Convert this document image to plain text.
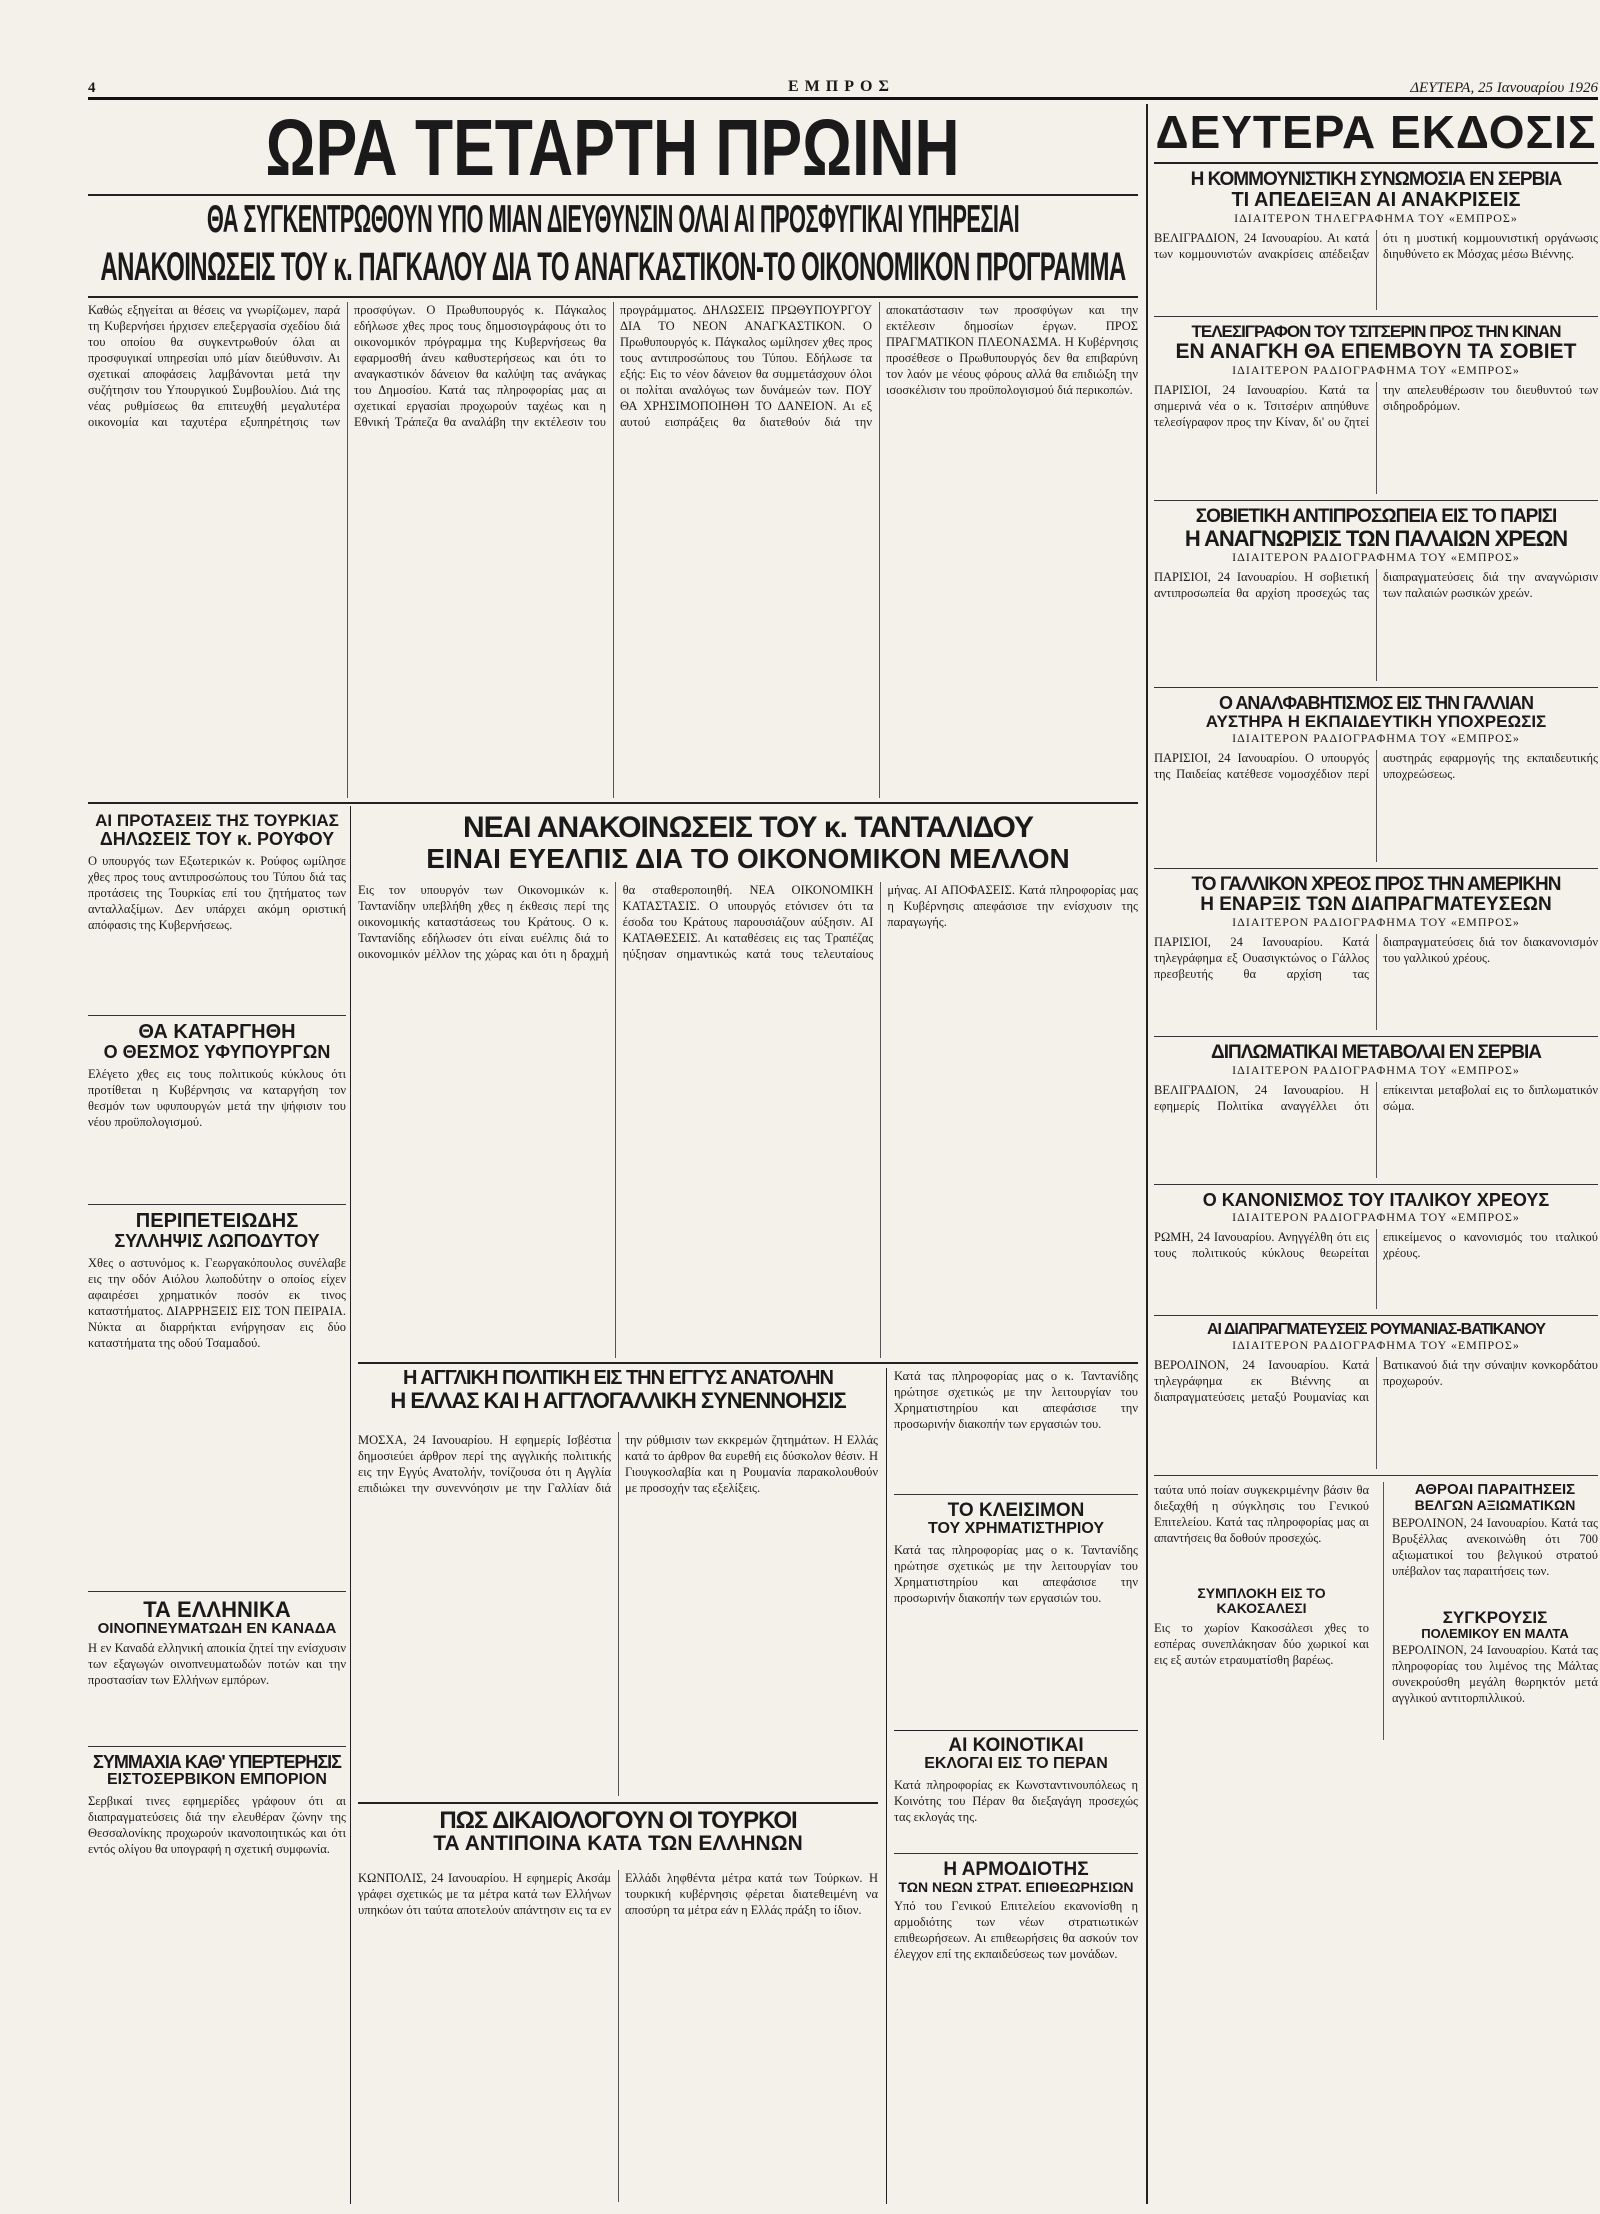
4	ΕΜΠΡΟΣ	ΔΕΥΤΕΡΑ, 25 Ιανουαρίου 1926
ΩΡΑ ΤΕΤΑΡΤΗ ΠΡΩΙΝΗ
ΘΑ ΣΥΓΚΕΝΤΡΩΘΟΥΝ ΥΠΟ ΜΙΑΝ ΔΙΕΥΘΥΝΣΙΝ ΟΛΑΙ ΑΙ ΠΡΟΣΦΥΓΙΚΑΙ ΥΠΗΡΕΣΙΑΙ
ΑΝΑΚΟΙΝΩΣΕΙΣ ΤΟΥ κ. ΠΑΓΚΑΛΟΥ ΔΙΑ ΤΟ ΑΝΑΓΚΑΣΤΙΚΟΝ-ΤΟ ΟΙΚΟΝΟΜΙΚΟΝ ΠΡΟΓΡΑΜΜΑ
Καθώς εξηγείται αι θέσεις να γνωρίζωμεν, παρά τη Κυβερνήσει ήρχισεν επεξεργασία σχεδίου διά του οποίου θα συγκεντρωθούν όλαι αι προσφυγικαί υπηρεσίαι υπό μίαν διεύθυνσιν. Αι σχετικαί αποφάσεις λαμβάνονται μετά την συζήτησιν του Υπουργικού Συμβουλίου. Διά της νέας ρυθμίσεως θα επιτευχθή μεγαλυτέρα οικονομία και ταχυτέρα εξυπηρέτησις των προσφύγων. Ο Πρωθυπουργός κ. Πάγκαλος εδήλωσε χθες προς τους δημοσιογράφους ότι το οικονομικόν πρόγραμμα της Κυβερνήσεως θα εφαρμοσθή άνευ καθυστερήσεως και ότι το αναγκαστικόν δάνειον θα καλύψη τας ανάγκας του Δημοσίου. Κατά τας πληροφορίας μας αι σχετικαί εργασίαι προχωρούν ταχέως και η Εθνική Τράπεζα θα αναλάβη την εκτέλεσιν του προγράμματος. ΔΗΛΩΣΕΙΣ ΠΡΩΘΥΠΟΥΡΓΟΥ ΔΙΑ ΤΟ ΝΕΟΝ ΑΝΑΓΚΑΣΤΙΚΟΝ. Ο Πρωθυπουργός κ. Πάγκαλος ωμίλησεν χθες προς τους αντιπροσώπους του Τύπου. Εδήλωσε τα εξής: Εις το νέον δάνειον θα συμμετάσχουν όλοι οι πολίται αναλόγως των δυνάμεών των. ΠΟΥ ΘΑ ΧΡΗΣΙΜΟΠΟΙΗΘΗ ΤΟ ΔΑΝΕΙΟΝ. Αι εξ αυτού εισπράξεις θα διατεθούν διά την αποκατάστασιν των προσφύγων και την εκτέλεσιν δημοσίων έργων. ΠΡΟΣ ΠΡΑΓΜΑΤΙΚΟΝ ΠΛΕΟΝΑΣΜΑ. Η Κυβέρνησις προσέθεσε ο Πρωθυπουργός δεν θα επιβαρύνη τον λαόν με νέους φόρους αλλά θα επιδιώξη την ισοσκέλισιν του προϋπολογισμού διά περικοπών.
ΑΙ ΠΡΟΤΑΣΕΙΣ ΤΗΣ ΤΟΥΡΚΙΑΣ
ΔΗΛΩΣΕΙΣ ΤΟΥ κ. ΡΟΥΦΟΥ
Ο υπουργός των Εξωτερικών κ. Ρούφος ωμίλησε χθες προς τους αντιπροσώπους του Τύπου διά τας προτάσεις της Τουρκίας επί του ζητήματος των ανταλλαξίμων. Δεν υπάρχει ακόμη οριστική απόφασις της Κυβερνήσεως.
ΘΑ ΚΑΤΑΡΓΗΘΗ
Ο ΘΕΣΜΟΣ ΥΦΥΠΟΥΡΓΩΝ
Ελέγετο χθες εις τους πολιτικούς κύκλους ότι προτίθεται η Κυβέρνησις να καταργήση τον θεσμόν των υφυπουργών μετά την ψήφισιν του νέου προϋπολογισμού.
ΠΕΡΙΠΕΤΕΙΩΔΗΣ
ΣΥΛΛΗΨΙΣ ΛΩΠΟΔΥΤΟΥ
Χθες ο αστυνόμος κ. Γεωργακόπουλος συνέλαβε εις την οδόν Αιόλου λωποδύτην ο οποίος είχεν αφαιρέσει χρηματικόν ποσόν εκ τινος καταστήματος. ΔΙΑΡΡΗΞΕΙΣ ΕΙΣ ΤΟΝ ΠΕΙΡΑΙΑ. Νύκτα αι διαρρήκται ενήργησαν εις δύο καταστήματα της οδού Τσαμαδού.
ΤΑ ΕΛΛΗΝΙΚΑ
ΟΙΝΟΠΝΕΥΜΑΤΩΔΗ ΕΝ ΚΑΝΑΔΑ
Η εν Καναδά ελληνική αποικία ζητεί την ενίσχυσιν των εξαγωγών οινοπνευματωδών ποτών και την προστασίαν των Ελλήνων εμπόρων.
ΣΥΜΜΑΧΙΑ ΚΑΘ' ΥΠΕΡΤΕΡΗΣΙΣ
ΕΙΣΤΟΣΕΡΒΙΚΟΝ ΕΜΠΟΡΙΟΝ
Σερβικαί τινες εφημερίδες γράφουν ότι αι διαπραγματεύσεις διά την ελευθέραν ζώνην της Θεσσαλονίκης προχωρούν ικανοποιητικώς και ότι εντός ολίγου θα υπογραφή η σχετική συμφωνία.
ΝΕΑΙ ΑΝΑΚΟΙΝΩΣΕΙΣ ΤΟΥ κ. ΤΑΝΤΑΛΙΔΟΥ
ΕΙΝΑΙ ΕΥΕΛΠΙΣ ΔΙΑ ΤΟ ΟΙΚΟΝΟΜΙΚΟΝ ΜΕΛΛΟΝ
Εις τον υπουργόν των Οικονομικών κ. Ταντανίδην υπεβλήθη χθες η έκθεσις περί της οικονομικής καταστάσεως του Κράτους. Ο κ. Ταντανίδης εδήλωσεν ότι είναι ευέλπις διά το οικονομικόν μέλλον της χώρας και ότι η δραχμή θα σταθεροποιηθή. ΝΕΑ ΟΙΚΟΝΟΜΙΚΗ ΚΑΤΑΣΤΑΣΙΣ. Ο υπουργός ετόνισεν ότι τα έσοδα του Κράτους παρουσιάζουν αύξησιν. ΑΙ ΚΑΤΑΘΕΣΕΙΣ. Αι καταθέσεις εις τας Τραπέζας ηύξησαν σημαντικώς κατά τους τελευταίους μήνας. ΑΙ ΑΠΟΦΑΣΕΙΣ. Κατά πληροφορίας μας η Κυβέρνησις απεφάσισε την ενίσχυσιν της παραγωγής.
Η ΑΓΓΛΙΚΗ ΠΟΛΙΤΙΚΗ ΕΙΣ ΤΗΝ ΕΓΓΥΣ ΑΝΑΤΟΛΗΝ
Η ΕΛΛΑΣ ΚΑΙ Η ΑΓΓΛΟΓΑΛΛΙΚΗ ΣΥΝΕΝΝΟΗΣΙΣ
ΜΟΣΧΑ, 24 Ιανουαρίου. Η εφημερίς Ισβέστια δημοσιεύει άρθρον περί της αγγλικής πολιτικής εις την Εγγύς Ανατολήν, τονίζουσα ότι η Αγγλία επιδιώκει την συνεννόησιν με την Γαλλίαν διά την ρύθμισιν των εκκρεμών ζητημάτων. Η Ελλάς κατά το άρθρον θα ευρεθή εις δύσκολον θέσιν. Η Γιουγκοσλαβία και η Ρουμανία παρακολουθούν με προσοχήν τας εξελίξεις.
Κατά τας πληροφορίας μας ο κ. Ταντανίδης ηρώτησε σχετικώς με την λειτουργίαν του Χρηματιστηρίου και απεφάσισε την προσωρινήν διακοπήν των εργασιών του.
ΤΟ ΚΛΕΙΣΙΜΟΝ
ΤΟΥ ΧΡΗΜΑΤΙΣΤΗΡΙΟΥ
Κατά τας πληροφορίας μας ο κ. Ταντανίδης ηρώτησε σχετικώς με την λειτουργίαν του Χρηματιστηρίου και απεφάσισε την προσωρινήν διακοπήν των εργασιών του.
ΠΩΣ ΔΙΚΑΙΟΛΟΓΟΥΝ ΟΙ ΤΟΥΡΚΟΙ
ΤΑ ΑΝΤΙΠΟΙΝΑ ΚΑΤΑ ΤΩΝ ΕΛΛΗΝΩΝ
ΚΩΝΠΟΛΙΣ, 24 Ιανουαρίου. Η εφημερίς Ακσάμ γράφει σχετικώς με τα μέτρα κατά των Ελλήνων υπηκόων ότι ταύτα αποτελούν απάντησιν εις τα εν Ελλάδι ληφθέντα μέτρα κατά των Τούρκων. Η τουρκική κυβέρνησις φέρεται διατεθειμένη να αποσύρη τα μέτρα εάν η Ελλάς πράξη το ίδιον.
ΑΙ ΚΟΙΝΟΤΙΚΑΙ
ΕΚΛΟΓΑΙ ΕΙΣ ΤΟ ΠΕΡΑΝ
Κατά πληροφορίας εκ Κωνσταντινουπόλεως η Κοινότης του Πέραν θα διεξαγάγη προσεχώς τας εκλογάς της.
Η ΑΡΜΟΔΙΟΤΗΣ
ΤΩΝ ΝΕΩΝ ΣΤΡΑΤ. ΕΠΙΘΕΩΡΗΣΙΩΝ
Υπό του Γενικού Επιτελείου εκανονίσθη η αρμοδιότης των νέων στρατιωτικών επιθεωρήσεων. Αι επιθεωρήσεις θα ασκούν τον έλεγχον επί της εκπαιδεύσεως των μονάδων.
ΔΕΥΤΕΡΑ ΕΚΔΟΣΙΣ
Η ΚΟΜΜΟΥΝΙΣΤΙΚΗ ΣΥΝΩΜΟΣΙΑ ΕΝ ΣΕΡΒΙΑ
ΤΙ ΑΠΕΔΕΙΞΑΝ ΑΙ ΑΝΑΚΡΙΣΕΙΣ
ΙΔΙΑΙΤΕΡΟΝ ΤΗΛΕΓΡΑΦΗΜΑ ΤΟΥ «ΕΜΠΡΟΣ»
ΒΕΛΙΓΡΑΔΙΟΝ, 24 Ιανουαρίου. Αι κατά των κομμουνιστών ανακρίσεις απέδειξαν ότι η μυστική κομμουνιστική οργάνωσις διηυθύνετο εκ Μόσχας μέσω Βιέννης.
ΤΕΛΕΣΙΓΡΑΦΟΝ ΤΟΥ ΤΣΙΤΣΕΡΙΝ ΠΡΟΣ ΤΗΝ ΚΙΝΑΝ
ΕΝ ΑΝΑΓΚΗ ΘΑ ΕΠΕΜΒΟΥΝ ΤΑ ΣΟΒΙΕΤ
ΙΔΙΑΙΤΕΡΟΝ ΡΑΔΙΟΓΡΑΦΗΜΑ ΤΟΥ «ΕΜΠΡΟΣ»
ΠΑΡΙΣΙΟΙ, 24 Ιανουαρίου. Κατά τα σημερινά νέα ο κ. Τσιτσέριν απηύθυνε τελεσίγραφον προς την Κίναν, δι' ου ζητεί την απελευθέρωσιν του διευθυντού των σιδηροδρόμων.
ΣΟΒΙΕΤΙΚΗ ΑΝΤΙΠΡΟΣΩΠΕΙΑ ΕΙΣ ΤΟ ΠΑΡΙΣΙ
Η ΑΝΑΓΝΩΡΙΣΙΣ ΤΩΝ ΠΑΛΑΙΩΝ ΧΡΕΩΝ
ΙΔΙΑΙΤΕΡΟΝ ΡΑΔΙΟΓΡΑΦΗΜΑ ΤΟΥ «ΕΜΠΡΟΣ»
ΠΑΡΙΣΙΟΙ, 24 Ιανουαρίου. Η σοβιετική αντιπροσωπεία θα αρχίση προσεχώς τας διαπραγματεύσεις διά την αναγνώρισιν των παλαιών ρωσικών χρεών.
Ο ΑΝΑΛΦΑΒΗΤΙΣΜΟΣ ΕΙΣ ΤΗΝ ΓΑΛΛΙΑΝ
ΑΥΣΤΗΡΑ Η ΕΚΠΑΙΔΕΥΤΙΚΗ ΥΠΟΧΡΕΩΣΙΣ
ΙΔΙΑΙΤΕΡΟΝ ΡΑΔΙΟΓΡΑΦΗΜΑ ΤΟΥ «ΕΜΠΡΟΣ»
ΠΑΡΙΣΙΟΙ, 24 Ιανουαρίου. Ο υπουργός της Παιδείας κατέθεσε νομοσχέδιον περί αυστηράς εφαρμογής της εκπαιδευτικής υποχρεώσεως.
ΤΟ ΓΑΛΛΙΚΟΝ ΧΡΕΟΣ ΠΡΟΣ ΤΗΝ ΑΜΕΡΙΚΗΝ
Η ΕΝΑΡΞΙΣ ΤΩΝ ΔΙΑΠΡΑΓΜΑΤΕΥΣΕΩΝ
ΙΔΙΑΙΤΕΡΟΝ ΡΑΔΙΟΓΡΑΦΗΜΑ ΤΟΥ «ΕΜΠΡΟΣ»
ΠΑΡΙΣΙΟΙ, 24 Ιανουαρίου. Κατά τηλεγράφημα εξ Ουασιγκτώνος ο Γάλλος πρεσβευτής θα αρχίση τας διαπραγματεύσεις διά τον διακανονισμόν του γαλλικού χρέους.
ΔΙΠΛΩΜΑΤΙΚΑΙ ΜΕΤΑΒΟΛΑΙ ΕΝ ΣΕΡΒΙΑ
ΙΔΙΑΙΤΕΡΟΝ ΡΑΔΙΟΓΡΑΦΗΜΑ ΤΟΥ «ΕΜΠΡΟΣ»
ΒΕΛΙΓΡΑΔΙΟΝ, 24 Ιανουαρίου. Η εφημερίς Πολιτίκα αναγγέλλει ότι επίκεινται μεταβολαί εις το διπλωματικόν σώμα.
Ο ΚΑΝΟΝΙΣΜΟΣ ΤΟΥ ΙΤΑΛΙΚΟΥ ΧΡΕΟΥΣ
ΙΔΙΑΙΤΕΡΟΝ ΡΑΔΙΟΓΡΑΦΗΜΑ ΤΟΥ «ΕΜΠΡΟΣ»
ΡΩΜΗ, 24 Ιανουαρίου. Ανηγγέλθη ότι εις τους πολιτικούς κύκλους θεωρείται επικείμενος ο κανονισμός του ιταλικού χρέους.
ΑΙ ΔΙΑΠΡΑΓΜΑΤΕΥΣΕΙΣ ΡΟΥΜΑΝΙΑΣ-ΒΑΤΙΚΑΝΟΥ
ΙΔΙΑΙΤΕΡΟΝ ΡΑΔΙΟΓΡΑΦΗΜΑ ΤΟΥ «ΕΜΠΡΟΣ»
ΒΕΡΟΛΙΝΟΝ, 24 Ιανουαρίου. Κατά τηλεγράφημα εκ Βιέννης αι διαπραγματεύσεις μεταξύ Ρουμανίας και Βατικανού διά την σύναψιν κονκορδάτου προχωρούν.
ταύτα υπό ποίαν συγκεκριμένην βάσιν θα διεξαχθή η σύγκλησις του Γενικού Επιτελείου. Κατά τας πληροφορίας μας αι απαντήσεις θα δοθούν προσεχώς.
ΣΥΜΠΛΟΚΗ ΕΙΣ ΤΟ ΚΑΚΟΣΑΛΕΣΙ
Εις το χωρίον Κακοσάλεσι χθες το εσπέρας συνεπλάκησαν δύο χωρικοί και εις εξ αυτών ετραυματίσθη βαρέως.
ΑΘΡΟΑΙ ΠΑΡΑΙΤΗΣΕΙΣ
ΒΕΛΓΩΝ ΑΞΙΩΜΑΤΙΚΩΝ
ΒΕΡΟΛΙΝΟΝ, 24 Ιανουαρίου. Κατά τας Βρυξέλλας ανεκοινώθη ότι 700 αξιωματικοί του βελγικού στρατού υπέβαλον τας παραιτήσεις των.
ΣΥΓΚΡΟΥΣΙΣ
ΠΟΛΕΜΙΚΟΥ ΕΝ ΜΑΛΤΑ
ΒΕΡΟΛΙΝΟΝ, 24 Ιανουαρίου. Κατά τας πληροφορίας του λιμένος της Μάλτας συνεκρούσθη μεγάλη θωρηκτόν μετά αγγλικού αντιτορπιλλικού.
